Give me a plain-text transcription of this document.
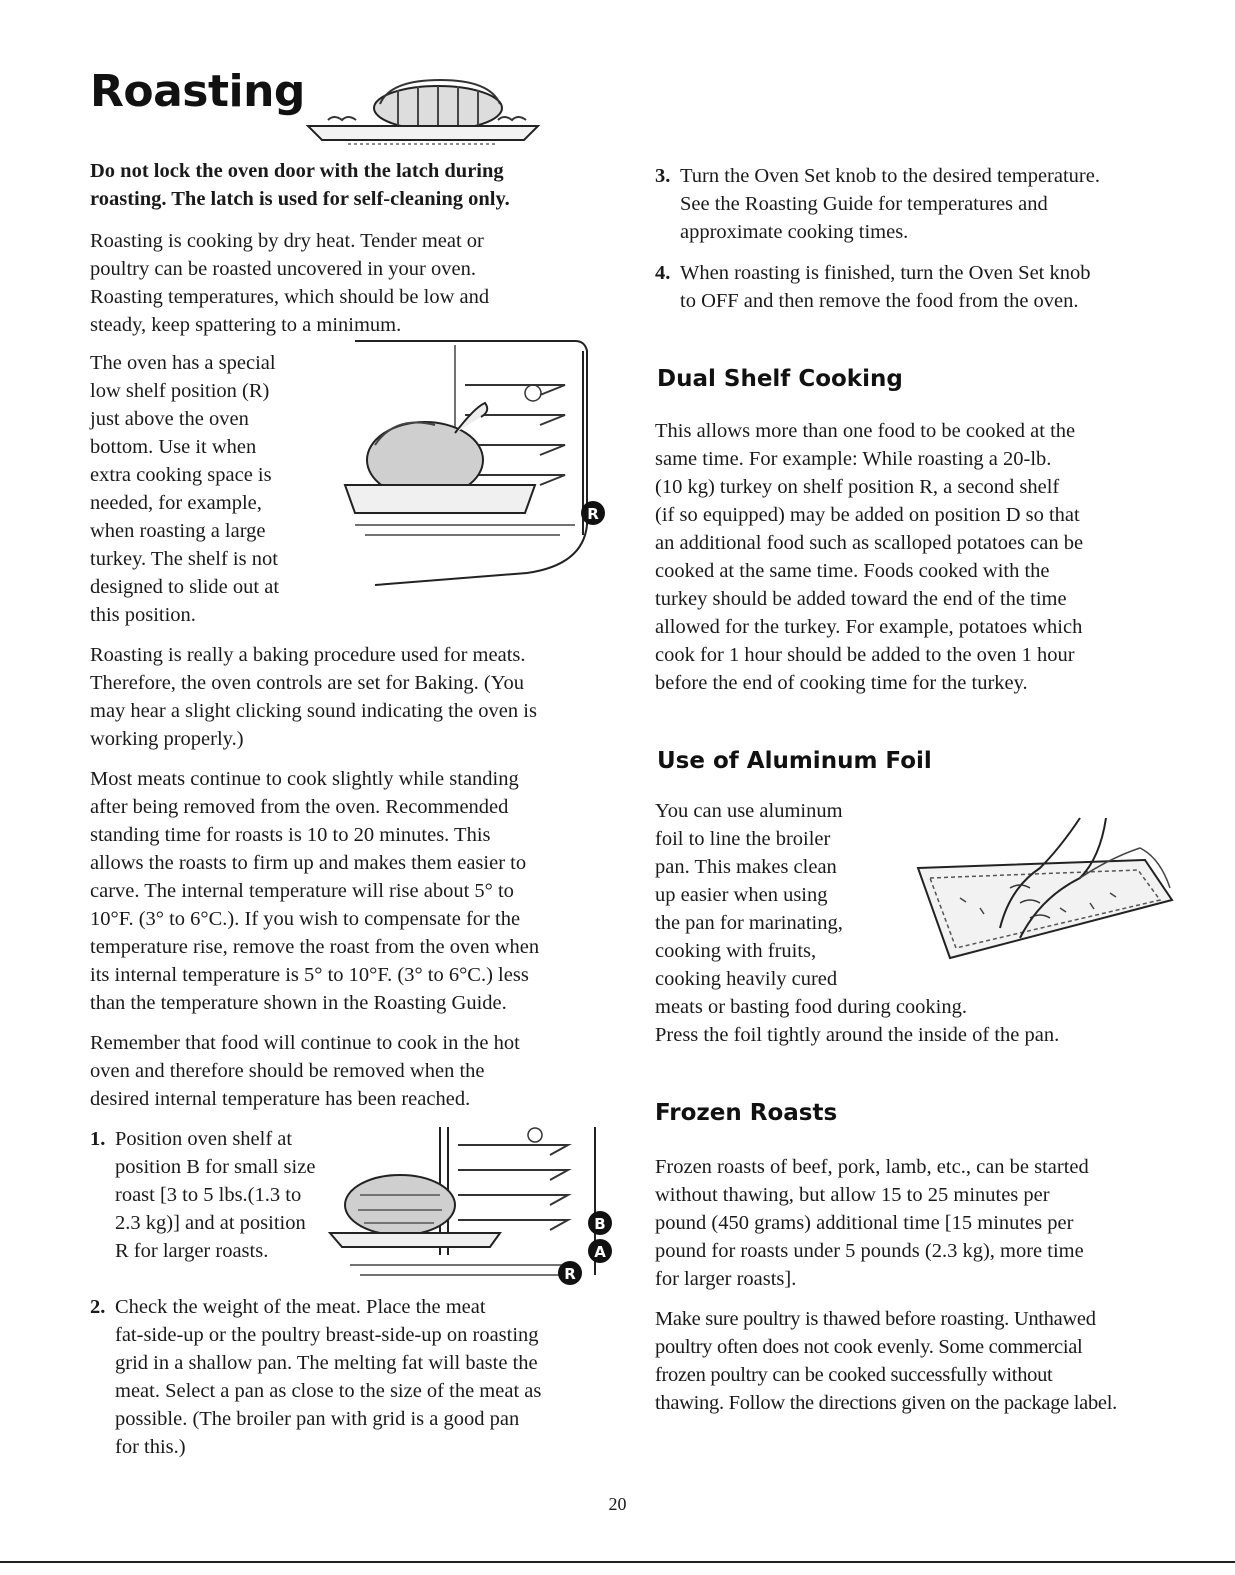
Roasting
Do not lock the oven door with the latch during
roasting. The latch is used for self-cleaning only.
Roasting is cooking by dry heat. Tender meat or
poultry can be roasted uncovered in your oven.
Roasting temperatures, which should be low and
steady, keep spattering to a minimum.
The oven has a special
low shelf position (R)
just above the oven
bottom. Use it when
extra cooking space is
needed, for example,
when roasting a large
turkey. The shelf is not
designed to slide out at
this position.
R
Roasting is really a baking procedure used for meats.
Therefore, the oven controls are set for Baking. (You
may hear a slight clicking sound indicating the oven is
working properly.)
Most meats continue to cook slightly while standing
after being removed from the oven. Recommended
standing time for roasts is 10 to 20 minutes. This
allows the roasts to firm up and makes them easier to
carve. The internal temperature will rise about 5° to
10°F. (3° to 6°C.). If you wish to compensate for the
temperature rise, remove the roast from the oven when
its internal temperature is 5° to 10°F. (3° to 6°C.) less
than the temperature shown in the Roasting Guide.
Remember that food will continue to cook in the hot
oven and therefore should be removed when the
desired internal temperature has been reached.
1. Position oven shelf at
position B for small size
roast [3 to 5 lbs.(1.3 to
2.3 kg)] and at position
R for larger roasts.
B
A
R
2. Check the weight of the meat. Place the meat
fat-side-up or the poultry breast-side-up on roasting
grid in a shallow pan. The melting fat will baste the
meat. Select a pan as close to the size of the meat as
possible. (The broiler pan with grid is a good pan
for this.)
3. Turn the Oven Set knob to the desired temperature.
See the Roasting Guide for temperatures and
approximate cooking times.
4. When roasting is finished, turn the Oven Set knob
to OFF and then remove the food from the oven.
Dual Shelf Cooking
This allows more than one food to be cooked at the
same time. For example: While roasting a 20-lb.
(10 kg) turkey on shelf position R, a second shelf
(if so equipped) may be added on position D so that
an additional food such as scalloped potatoes can be
cooked at the same time. Foods cooked with the
turkey should be added toward the end of the time
allowed for the turkey. For example, potatoes which
cook for 1 hour should be added to the oven 1 hour
before the end of cooking time for the turkey.
Use of Aluminum Foil
You can use aluminum
foil to line the broiler
pan. This makes clean
up easier when using
the pan for marinating,
cooking with fruits,
cooking heavily cured
meats or basting food during cooking.
Press the foil tightly around the inside of the pan.
Frozen Roasts
Frozen roasts of beef, pork, lamb, etc., can be started
without thawing, but allow 15 to 25 minutes per
pound (450 grams) additional time [15 minutes per
pound for roasts under 5 pounds (2.3 kg), more time
for larger roasts].
Make sure poultry is thawed before roasting. Unthawed
poultry often does not cook evenly. Some commercial
frozen poultry can be cooked successfully without
thawing. Follow the directions given on the package label.
20
